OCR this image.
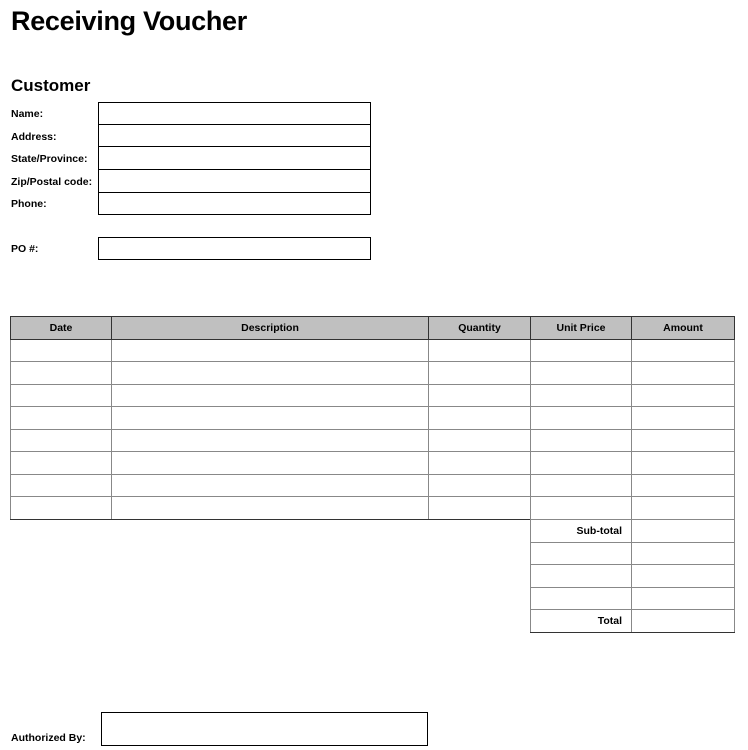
Receiving Voucher
Customer
Name:
Address:
State/Province:
Zip/Postal code:
Phone:
PO #:
Date	Description	Quantity	Unit Price	Amount

Sub-total	

Total	
Authorized By:
